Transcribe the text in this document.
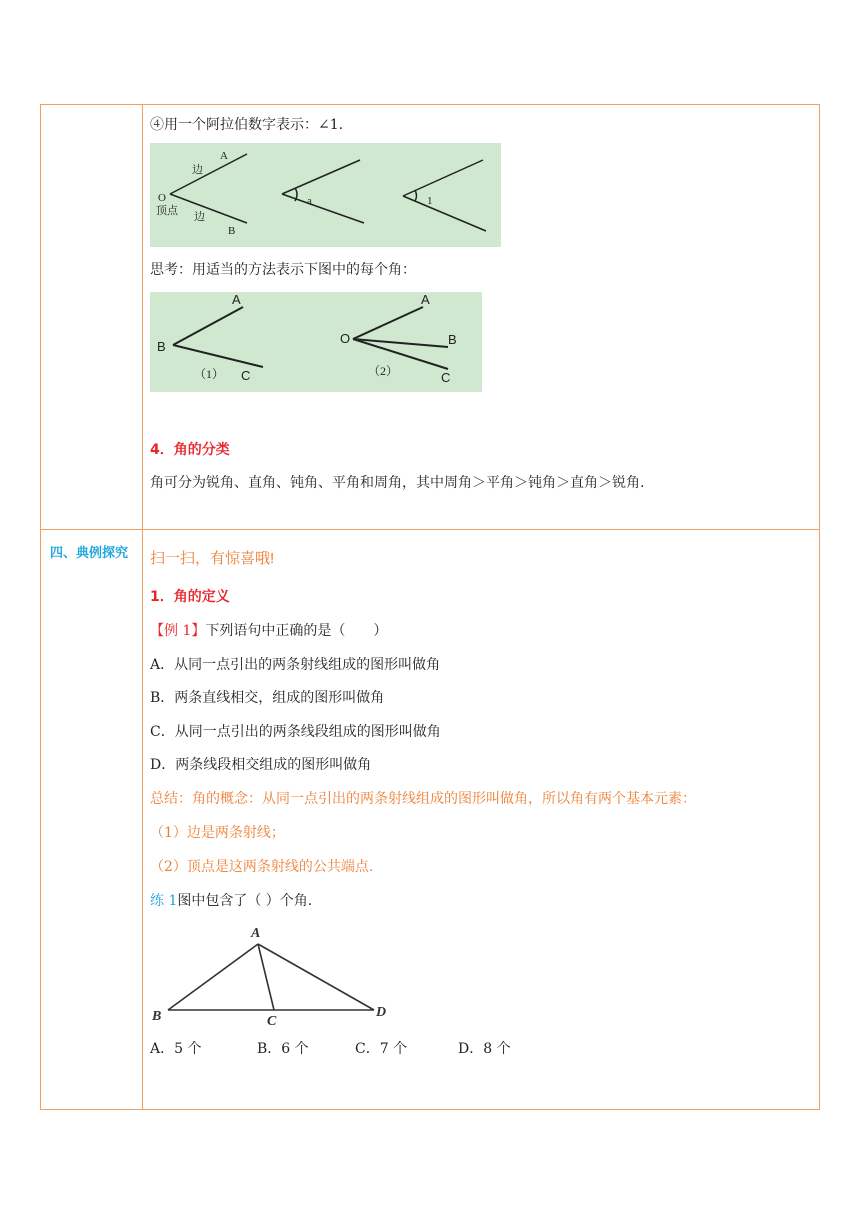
④用一个阿拉伯数字表示：∠1.
A
边
O
顶点 边
B
a	1
思考：用适当的方法表示下图中的每个角：
A
B
C
A
O	B
C
（1）	（2）
4．角的分类
角可分为锐角、直角、钝角、平角和周角，其中周角＞平角＞钝角＞直角＞锐角.
四、典例探究 扫一扫，有惊喜哦!
1．角的定义
【例 1】下列语句中正确的是（　　）
A．从同一点引出的两条射线组成的图形叫做角
B．两条直线相交，组成的图形叫做角
C．从同一点引出的两条线段组成的图形叫做角
D．两条线段相交组成的图形叫做角
总结：角的概念：从同一点引出的两条射线组成的图形叫做角，所以角有两个基本元素：
（1）边是两条射线；
（2）顶点是这两条射线的公共端点.
练 1图中包含了（ ）个角.
A
B	C
D
A．5 个	B．6 个	C．7 个	D．8 个
